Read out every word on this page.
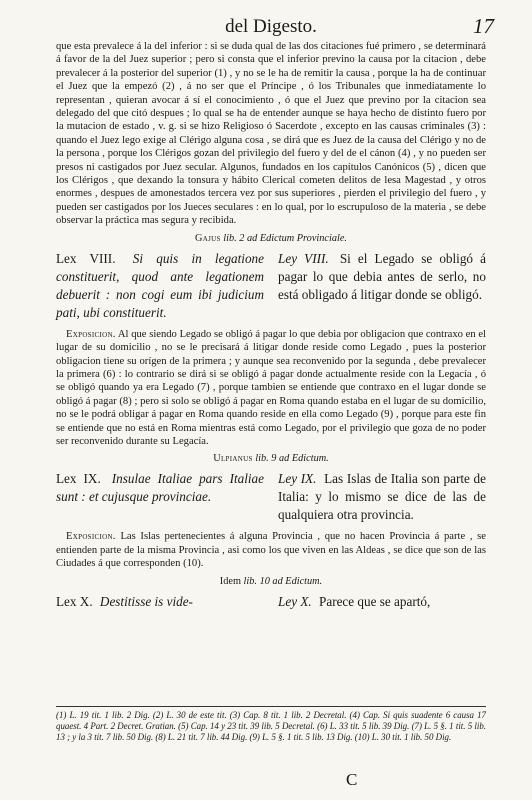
del Digesto.	17

que esta prevalece á la del inferior : si se duda qual de las dos citaciones fué primero , se determinará á favor de la del Juez superior ; pero si consta que el inferior previno la causa por la citacion , debe prevalecer á la posterior del superior (1) , y no se le ha de remitir la causa , porque la ha de continuar el Juez que la empezó (2) , á no ser que el Príncipe , ó los Tribunales que inmediatamente lo representan , quieran avocar á sí el conocimiento , ó que el Juez que previno por la citacion sea delegado del que citó despues ; lo qual se ha de entender aunque se haya hecho de distinto fuero por la mutacion de estado , v. g. si se hizo Religioso ó Sacerdote , excepto en las causas criminales (3) : quando el Juez lego exige al Clérigo alguna cosa , se dirá que es Juez de la causa del Clérigo y no de la persona , porque los Clérigos gozan del privilegio del fuero y del de el cánon (4) , y no pueden ser presos ni castigados por Juez secular. Algunos, fundados en los capítulos Canónicos (5) , dicen que los Clérigos , que dexando la tonsura y hábito Clerical cometen delitos de lesa Magestad , y otros enormes , despues de amonestados tercera vez por sus superiores , pierden el privilegio del fuero , y pueden ser castigados por los Jueces seculares : en lo qual, por lo escrupuloso de la materia , se debe observar la práctica mas segura y recibida.

Gajus lib. 2 ad Edictum Provinciale.
Lex VIII. Si quis in legatione constituerit, quod ante legationem debuerit : non cogi eum ibi judicium pati, ubi constituerit.
Ley VIII. Si el Legado se obligó á pagar lo que debia antes de serlo, no está obligado á litigar donde se obligó.

Exposicion. Al que siendo Legado se obligó á pagar lo que debia por obligacion que contraxo en el lugar de su domicilio , no se le precisará á litigar donde reside como Legado , pues la posterior obligacion tiene su orígen de la primera ; y aunque sea reconvenido por la segunda , debe prevalecer la primera (6) : lo contrario se dirá si se obligó á pagar donde actualmente reside con la Legacía , ó se obligó quando ya era Legado (7) , porque tambien se entiende que contraxo en el lugar donde se obligó á pagar (8) ; pero si solo se obligó á pagar en Roma quando estaba en el lugar de su domicilio, no se le podrá obligar á pagar en Roma quando reside en ella como Legado (9) , porque para este fin se entiende que no está en Roma mientras está como Legado, por el privilegio que goza de no poder ser reconvenido durante su Legacía.

Ulpianus lib. 9 ad Edictum.
Lex IX. Insulae Italiae pars Italiae sunt : et cujusque provinciae.
Ley IX. Las Islas de Italia son parte de Italia: y lo mismo se dice de las de qualquiera otra provincia.

Exposicion. Las Islas pertenecientes á alguna Provincia , que no hacen Provincia á parte , se entienden parte de la misma Provincia , asi como los que viven en las Aldeas , se dice que son de las Ciudades á que corresponden (10).

Idem lib. 10 ad Edictum.
Lex X. Destitisse is vide-	Ley X. Parece que se apartó,

(1) L. 19 tit. 1 lib. 2 Dig. (2) L. 30 de este tit. (3) Cap. 8 tit. 1 lib. 2 Decretal. (4) Cap. Si quis suadente 6 causa 17 quaest. 4 Part. 2 Decret. Gratian. (5) Cap. 14 y 23 tit. 39 lib. 5 Decretal. (6) L. 33 tit. 5 lib. 39 Dig. (7) L. 5 §. 1 tit. 5 lib. 13 ; y la 3 tit. 7 lib. 50 Dig. (8) L. 21 tit. 7 lib. 44 Dig. (9) L. 5 §. 1 tit. 5 lib. 13 Dig. (10) L. 30 tit. 1 lib. 50 Dig.

C
